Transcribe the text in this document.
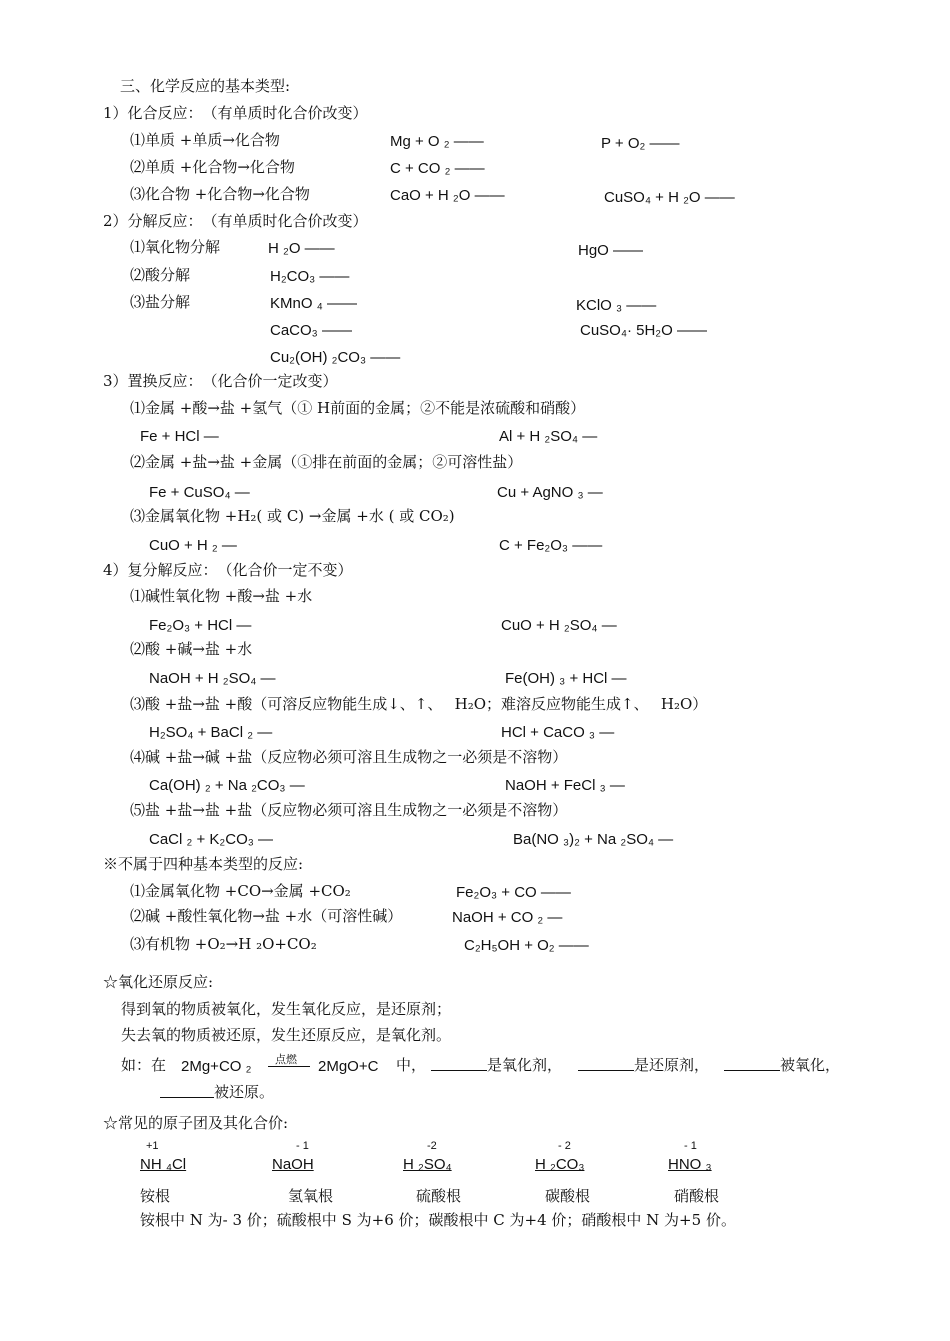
三、化学反应的基本类型:
1）化合反应：　（有单质时化合价改变）
⑴单质 +单质→化合物	Mg + O ₂ ——	P + O₂ ——
⑵单质 +化合物→化合物	C + CO ₂ ——
⑶化合物 +化合物→化合物	CaO + H ₂O ——	CuSO₄ + H ₂O ——
2）分解反应：　（有单质时化合价改变）
⑴氧化物分解	H ₂O ——	HgO ——
⑵酸分解	H₂CO₃ ——
⑶盐分解	KMnO ₄ ——	KClO ₃ ——
CaCO₃ ——	CuSO₄· 5H₂O ——
Cu₂(OH) ₂CO₃ ——
3）置换反应：　（化合价一定改变）
⑴金属 +酸→盐 +氢气（① H前面的金属；②不能是浓硫酸和硝酸）
Fe + HCl —	Al + H ₂SO₄ —
⑵金属 +盐→盐 +金属（①排在前面的金属；②可溶性盐）
Fe + CuSO₄ —	Cu + AgNO ₃ —
⑶金属氧化物 +H₂( 或 C) →金属 +水 ( 或 CO₂)
CuO + H ₂ —	C + Fe₂O₃ ——
4）复分解反应：　（化合价一定不变）
⑴碱性氧化物 +酸→盐 +水
Fe₂O₃ + HCl —	CuO + H ₂SO₄ —
⑵酸 +碱→盐 +水
NaOH + H ₂SO₄ —	Fe(OH) ₃ + HCl —
⑶酸 +盐→盐 +酸（可溶反应物能生成↓、↑、　 H₂O；难溶反应物能生成↑、　 H₂O）
H₂SO₄ + BaCl ₂ —	HCl + CaCO ₃ —
⑷碱 +盐→碱 +盐（反应物必须可溶且生成物之一必须是不溶物）
Ca(OH) ₂ + Na ₂CO₃ —	NaOH + FeCl ₃ —
⑸盐 +盐→盐 +盐（反应物必须可溶且生成物之一必须是不溶物）
CaCl ₂ + K₂CO₃ —	Ba(NO ₃)₂ + Na ₂SO₄ —
※不属于四种基本类型的反应:
⑴金属氧化物 +CO→金属 +CO₂	Fe₂O₃ + CO ——
⑵碱 +酸性氧化物→盐 +水（可溶性碱）	NaOH + CO ₂ —
⑶有机物 +O₂→H ₂O+CO₂	C₂H₅OH + O₂ ——
☆氧化还原反应:
得到氧的物质被氧化，发生氧化反应，是还原剂；
失去氧的物质被还原，发生还原反应，是氧化剂。
如：在 2Mg+CO ₂ 点燃 2MgO+C 中，	是氧化剂，	是还原剂，	被氧化，
被还原。
☆常见的原子团及其化合价:
+1	- 1	-2	- 2	- 1
NH ₄Cl	NaOH	H ₂SO₄	H ₂CO₃	HNO ₃
铵根	氢氧根	硫酸根	碳酸根	硝酸根
铵根中 N 为- 3 价；硫酸根中 S 为+6 价；碳酸根中 C 为+4 价；硝酸根中 N 为+5 价。
